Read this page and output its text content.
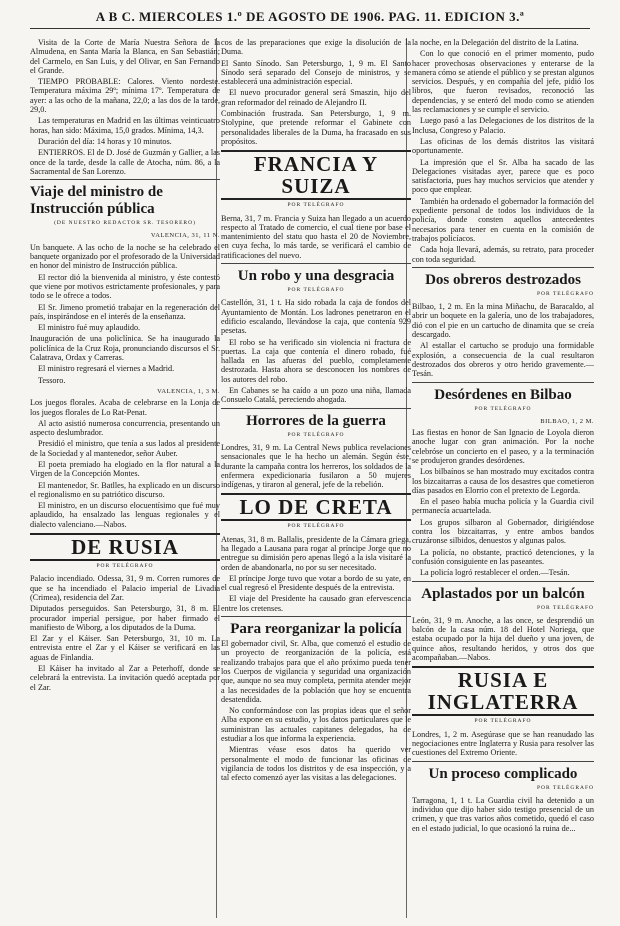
A B C. MIERCOLES 1.º DE AGOSTO DE 1906. PAG. 11. EDICION 3.ª

Visita de la Corte de María Nuestra Señora de la Almudena, en Santa María la Blanca, en San Sebastián; del Carmelo, en San Luis, y del Olivar, en San Fernando el Grande.

TIEMPO PROBABLE: Calores. Viento nordeste. Temperatura máxima 29º; mínima 17º. Temperatura de ayer: a las ocho de la mañana, 22,0; a las dos de la tarde, 29,0.

Las temperaturas en Madrid en las últimas veinticuatro horas, han sido: Máxima, 15,0 grados. Mínima, 14,3.

Duración del día: 14 horas y 10 minutos.

ENTIERROS. El de D. José de Guzmán y Gallier, a las once de la tarde, desde la calle de Atocha, núm. 86, a la Sacramental de San Lorenzo.

Viaje del ministro de Instrucción pública
(DE NUESTRO REDACTOR SR. TESORERO)
VALENCIA, 31, 11 N.

Un banquete. A las ocho de la noche se ha celebrado el banquete organizado por el profesorado de la Universidad en honor del ministro de Instrucción pública.

El rector dió la bienvenida al ministro, y éste contestó que viene por motivos estrictamente profesionales, y para todo se le ofrece a todos.

El Sr. Jimeno prometió trabajar en la regeneración del país, inspirándose en el interés de la enseñanza.

El ministro fué muy aplaudido.

Inauguración de una policlínica. Se ha inaugurado la policlínica de la Cruz Roja, pronunciando discursos el Sr. Calatrava, Ordax y Carreras.

El ministro regresará el viernes a Madrid.

Tessoro.

VALENCIA, 1, 3 M.

Los juegos florales. Acaba de celebrarse en la Lonja de los juegos florales de Lo Rat-Penat.

Al acto asistió numerosa concurrencia, presentando un aspecto deslumbrador.

Presidió el ministro, que tenía a sus lados al presidente de la Sociedad y al mantenedor, señor Auber.

El poeta premiado ha elogiado en la flor natural a la Virgen de la Concepción Montes.

El mantenedor, Sr. Batlles, ha explicado en un discurso el regionalismo en su patriótico discurso.

El ministro, en un discurso elocuentísimo que fué muy aplaudido, ha ensalzado las lenguas regionales y el dialecto valenciano.—Nabos.

DE RUSIA
POR TELÉGRAFO

Palacio incendiado. Odessa, 31, 9 m. Corren rumores de que se ha incendiado el Palacio imperial de Livadia (Crimea), residencia del Zar.

Diputados perseguidos. San Petersburgo, 31, 8 m. El procurador imperial persigue, por haber firmado el manifiesto de Wiborg, a los diputados de la Duma.

El Zar y el Káiser. San Petersburgo, 31, 10 m. La entrevista entre el Zar y el Káiser se verificará en las aguas de Finlandia.

El Káiser ha invitado al Zar a Peterhoff, donde se celebrará la entrevista. La invitación quedó aceptada por el Zar.

cos de las preparaciones que exige la disolución de la Duma.

El Santo Sínodo. San Petersburgo, 1, 9 m. El Santo Sínodo será separado del Consejo de ministros, y se establecerá una administración especial.

El nuevo procurador general será Smaszin, hijo del gran reformador del reinado de Alejandro II.

Combinación frustrada. San Petersburgo, 1, 9 m. Stolypine, que pretende reformar el Gabinete con personalidades liberales de la Duma, ha fracasado en sus propósitos.

FRANCIA Y SUIZA
POR TELÉGRAFO

Berna, 31, 7 m. Francia y Suiza han llegado a un acuerdo respecto al Tratado de comercio, el cual tiene por base el mantenimiento del statu quo hasta el 20 de Noviembre, en cuya fecha, lo más tarde, se verificará el cambio de ratificaciones del nuevo.

Un robo y una desgracia
POR TELÉGRAFO

Castellón, 31, 1 t. Ha sido robada la caja de fondos del Ayuntamiento de Montán. Los ladrones penetraron en el edificio escalando, llevándose la caja, que contenía 929 pesetas.

El robo se ha verificado sin violencia ni fractura de puertas. La caja que contenía el dinero robado, fué hallada en las afueras del pueblo, completamente destrozada. Hasta ahora se desconocen los nombres de los autores del robo.

En Cabanes se ha caído a un pozo una niña, llamada Consuelo Catalá, pereciendo ahogada.

Horrores de la guerra
POR TELÉGRAFO

Londres, 31, 9 m. La Central News publica revelaciones sensacionales que le ha hecho un alemán. Según éste, durante la campaña contra los herreros, los soldados de la enfermera expedicionaria fusilaron a 50 mujeres indígenas, y tiraron al general, jefe de la rebelión.

LO DE CRETA
POR TELÉGRAFO

Atenas, 31, 8 m. Ballalis, presidente de la Cámara griega, ha llegado a Lausana para rogar al príncipe Jorge que no entregue su dimisión pero apenas llegó a la isla visitaré la orden de abandonarla, no por su ser necesitado.

El príncipe Jorge tuvo que votar a bordo de su yate, en el cual regresó el Presidente después de la entrevista.

El viaje del Presidente ha causado gran efervescencia entre los cretenses.

Para reorganizar la policía

El gobernador civil, Sr. Alba, que comenzó el estudio de un proyecto de reorganización de la policía, está realizando trabajos para que el año próximo pueda tener los Cuerpos de vigilancia y seguridad una organización que, aunque no sea muy completa, permita atender mejor a las necesidades de la población que hoy se encuentra desatendida.

No conformándose con las propias ideas que el señor Alba expone en su estudio, y los datos particulares que le suministran las actuales capitanes delegados, ha de estudiar a los que informa la experiencia.

Mientras véase esos datos ha querido ver personalmente el modo de funcionar las oficinas de vigilancia de todos los distritos y de esa inspección, y a tal efecto comenzó ayer las visitas a las delegaciones.

la noche, en la Delegación del distrito de la Latina.

Con lo que conoció en el primer momento, pudo hacer provechosas observaciones y enterarse de la manera cómo se atiende el público y se prestan algunos servicios. Después, y en compañía del jefe, pidió los libros, que fueron revisados, reconoció las dependencias, y se enteró del modo como se atienden las reclamaciones y se cumple el servicio.

Luego pasó a las Delegaciones de los distritos de la Inclusa, Congreso y Palacio.

Las oficinas de los demás distritos las visitará oportunamente.

La impresión que el Sr. Alba ha sacado de las Delegaciones visitadas ayer, parece que es poco satisfactoria, pues hay muchos servicios que atender y poco que emplear.

También ha ordenado el gobernador la formación del expediente personal de todos los individuos de la policía, donde consten aquellos antecedentes necesarios para tener en cuenta en la comisión de trabajos policíacos.

Cada hoja llevará, además, su retrato, para proceder con toda seguridad.

Dos obreros destrozados
POR TELÉGRAFO

Bilbao, 1, 2 m. En la mina Miñachu, de Baracaldo, al abrir un boquete en la galería, uno de los trabajadores, dió con el pie en un cartucho de dinamita que se creía descargado.

Al estallar el cartucho se produjo una formidable explosión, a consecuencia de la cual resultaron destrozados dos obreros y otro herido gravemente.—Tesán.

Desórdenes en Bilbao
POR TELÉGRAFO
BILBAO, 1, 2 M.

Las fiestas en honor de San Ignacio de Loyola dieron anoche lugar con gran animación. Por la noche celebróse un concierto en el paseo, y a la terminación se produjeron grandes desórdenes.

Los bilbaínos se han mostrado muy excitados contra los bizcaitarras a causa de los desastres que cometieron días pasados en Elorrio con el pretexto de Legorda.

En el paseo había mucha policía y la Guardia civil permanecía acuartelada.

Los grupos silbaron al Gobernador, dirigiéndose contra los bizcaitarras, y entre ambos bandos cruzáronse silbidos, denuestos y algunas palos.

La policía, no obstante, practicó detenciones, y la confusión consiguiente en las paseantes.

La policía logró restablecer el orden.—Tesán.

Aplastados por un balcón
POR TELÉGRAFO

León, 31, 9 m. Anoche, a las once, se desprendió un balcón de la casa núm. 18 del Hotel Noriega, que estaba ocupado por la hija del dueño y una joven, de quince años, resultando heridos, y otros dos que acompañaban.—Nabos.

RUSIA E INGLATERRA
POR TELÉGRAFO

Londres, 1, 2 m. Asegúrase que se han reanudado las negociaciones entre Inglaterra y Rusia para resolver las cuestiones del Extremo Oriente.

Un proceso complicado
POR TELÉGRAFO

Tarragona, 1, 1 t. La Guardia civil ha detenido a un individuo que dijo haber sido testigo presencial de un crimen, y que tras varios años cometido, quedó el caso en el estado judicial, lo que ocasionó la ruina de...
